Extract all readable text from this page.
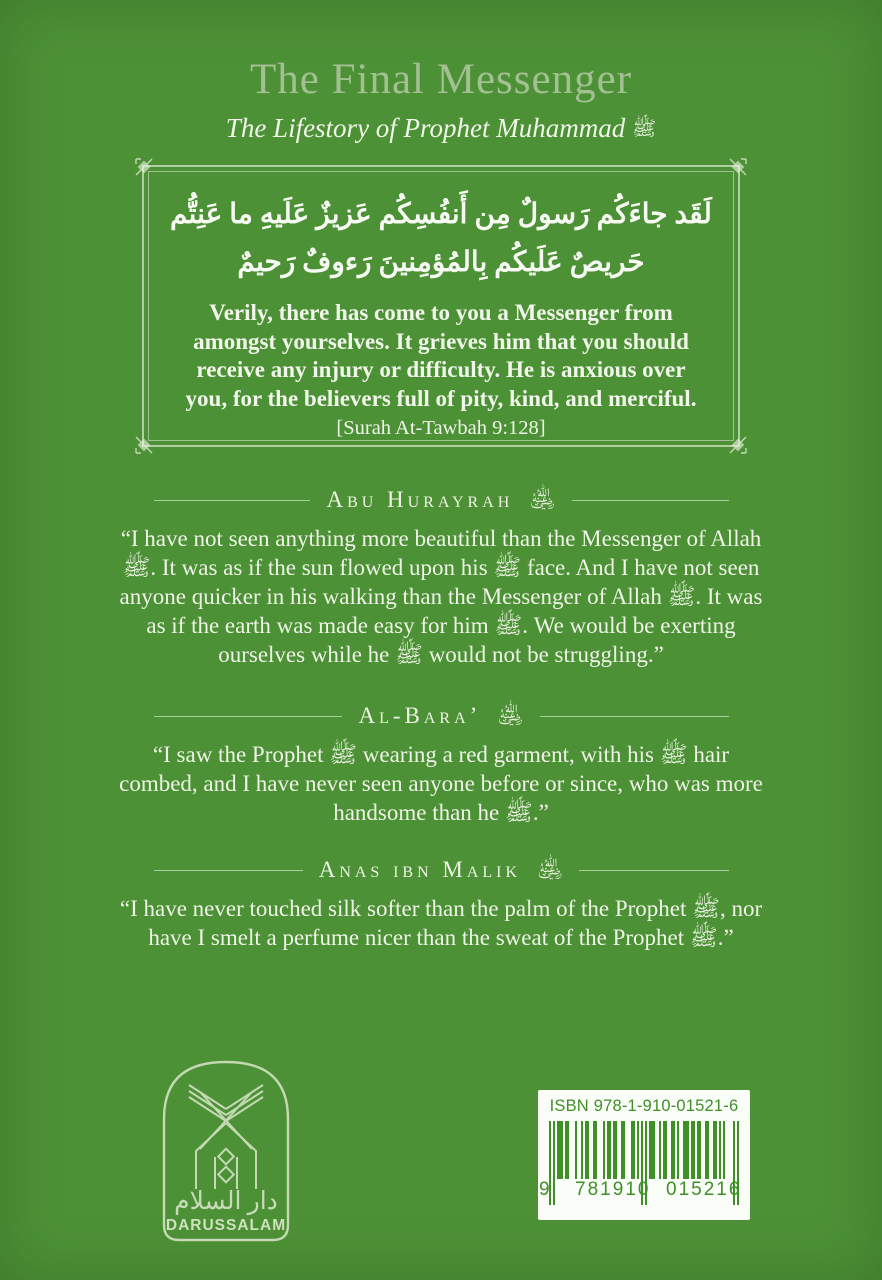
The Final Messenger
The Lifestory of Prophet Muhammad ﷺ
لَقَد جاءَكُم رَسولٌ مِن أَنفُسِكُم عَزيزٌ عَلَيهِ ما عَنِتُّم
حَريصٌ عَلَيكُم بِالمُؤمِنينَ رَءوفٌ رَحيمٌ

Verily, there has come to you a Messenger from amongst yourselves. It grieves him that you should receive any injury or difficulty. He is anxious over you, for the believers full of pity, kind, and merciful. [Surah At-Tawbah 9:128]

Abu Hurayrah ﵁

“I have not seen anything more beautiful than the Messenger of Allah ﷺ. It was as if the sun flowed upon his ﷺ face. And I have not seen anyone quicker in his walking than the Messenger of Allah ﷺ. It was as if the earth was made easy for him ﷺ. We would be exerting ourselves while he ﷺ would not be struggling.”

Al-Bara’ ﵁

“I saw the Prophet ﷺ wearing a red garment, with his ﷺ hair combed, and I have never seen anyone before or since, who was more handsome than he ﷺ.”

Anas ibn Malik ﵁

“I have never touched silk softer than the palm of the Prophet ﷺ, nor have I smelt a perfume nicer than the sweat of the Prophet ﷺ.”

دار السلام
DARUSSALAM
ISBN 978-1-910-01521-6
9 781910 015216
